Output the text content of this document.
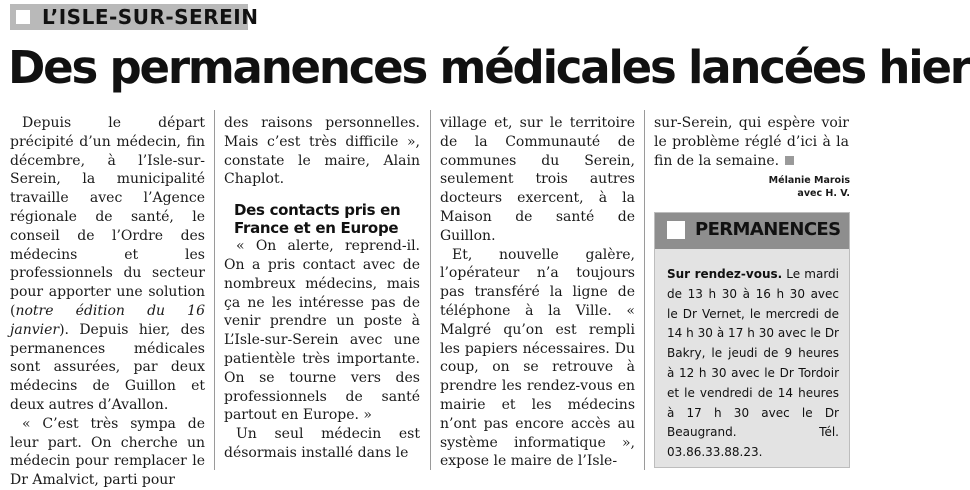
L’ISLE-SUR-SEREIN
Des permanences médicales lancées hier

Depuis le départ précipité d’un médecin, fin décembre, à l’Isle-sur-Serein, la municipalité travaille avec l’Agence régionale de santé, le conseil de l’Ordre des médecins et les professionnels du secteur pour apporter une solution (notre édition du 16 janvier). Depuis hier, des permanences médicales sont assurées, par deux médecins de Guillon et deux autres d’Avallon.

« C’est très sympa de leur part. On cherche un médecin pour remplacer le Dr Amalvict, parti pour

des raisons personnelles. Mais c’est très difficile », constate le maire, Alain Chaplot.

Des contacts pris en France et en Europe

« On alerte, reprend-il. On a pris contact avec de nombreux médecins, mais ça ne les intéresse pas de venir prendre un poste à L’Isle-sur-Serein avec une patientèle très importante. On se tourne vers des professionnels de santé partout en Europe. »

Un seul médecin est désormais installé dans le

village et, sur le territoire de la Communauté de communes du Serein, seulement trois autres docteurs exercent, à la Maison de santé de Guillon.

Et, nouvelle galère, l’opérateur n’a toujours pas transféré la ligne de téléphone à la Ville. « Malgré qu’on est rempli les papiers nécessaires. Du coup, on se retrouve à prendre les rendez-vous en mairie et les médecins n’ont pas encore accès au système informatique », expose le maire de l’Isle-

sur-Serein, qui espère voir le problème réglé d’ici à la fin de la semaine.

Mélanie Marois
avec H. V.
PERMANENCES

Sur rendez-vous. Le mardi de 13 h 30 à 16 h 30 avec le Dr Vernet, le mercredi de 14 h 30 à 17 h 30 avec le Dr Bakry, le jeudi de 9 heures à 12 h 30 avec le Dr Tordoir et le vendredi de 14 heures à 17 h 30 avec le Dr Beaugrand. Tél. 03.86.33.88.23.
